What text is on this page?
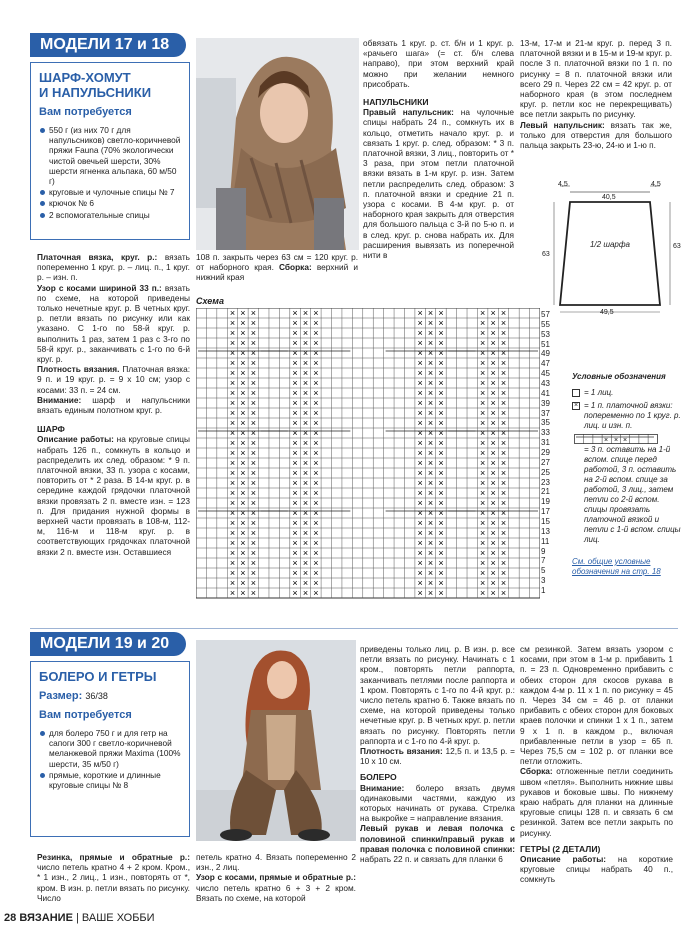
МОДЕЛИ 17 и 18
ШАРФ-ХОМУТ
И НАПУЛЬСНИКИ
Вам потребуется
550 г (из них 70 г для напульсников) светло-коричневой пряжи Fauna (70% экологически чистой овечьей шерсти, 30% шерсти ягненка альпака, 60 м/50 г)
круговые и чулочные спицы № 7
крючок № 6
2 вспомогательные спицы

Платочная вязка, круг. р.: вязать попеременно 1 круг. р. – лиц. п., 1 круг. р. – изн. п.

Узор с косами шириной 33 п.: вязать по схеме, на которой приведены только нечетные круг. р. В четных круг. р. петли вязать по рисунку или как указано. С 1-го по 58-й круг. р. выполнить 1 раз, затем 1 раз с 3-го по 58-й круг. р., заканчивать с 1-го по 6-й круг. р.

Плотность вязания. Платочная вязка: 9 п. и 19 круг. р. = 9 х 10 см; узор с косами: 33 п. = 24 см.

Внимание: шарф и напульсники вязать единым полотном круг. р.

ШАРФ

Описание работы: на круговые спицы набрать 126 п., сомкнуть в кольцо и распределить их след. образом: * 9 п. платочной вязки, 33 п. узора с косами, повторить от * 2 раза. В 14-м круг. р. в середине каждой грядочки платочной вязки провязать 2 п. вместе изн. = 123 п. Для придания нужной формы в верхней части провязать в 108-м, 112-м, 116-м и 118-м круг. р. в соответствующих грядочках платочной вязки 2 п. вместе изн. Оставшиеся

108 п. закрыть через 63 см = 120 круг. р. от наборного края. Сборка: верхний и нижний края

обвязать 1 круг. р. ст. б/н и 1 круг. р. «рачьего шага» (= ст. б/н слева направо), при этом верхний край можно при желании немного присобрать.

НАПУЛЬСНИКИ

Правый напульсник: на чулочные спицы набрать 24 п., сомкнуть их в кольцо, отметить начало круг. р. и связать 1 круг. р. след. образом: * 3 п. платочной вязки, 3 лиц., повторить от * 3 раза, при этом петли платочной вязки вязать в 1-м круг. р. изн. Затем петли распределить след. образом: 3 п. платочной вязки и средние 21 п. узора с косами. В 4-м круг. р. от наборного края закрыть для отверстия для большого пальца с 3-й по 5-ю п. и в след. круг. р. снова набрать их. Для расширения вывязать из поперечной нити в

13-м, 17-м и 21-м круг. р. перед 3 п. платочной вязки и в 15-м и 19-м круг. р. после 3 п. платочной вязки по 1 п. по рисунку = 8 п. платочной вязки или всего 29 п. Через 22 см = 42 круг. р. от наборного края (в этом последнем круг. р. петли кос не перекрещивать) все петли закрыть по рисунку.

Левый напульсник: вязать так же, только для отверстия для большого пальца закрыть 23-ю, 24-ю и 1-ю п.

4,5
40,5
4,5
63
63
1/2 шарфа
49,5
Схема
× × ×	× × ×	× × ×	× × ×
× × ×	× × ×	× × ×	× × ×
× × ×	× × ×	× × ×	× × ×
× × ×	× × ×	× × ×	× × ×
× × ×	× × ×	× × ×	× × ×
× × ×	× × ×	× × ×	× × ×
× × ×	× × ×	× × ×	× × ×
× × ×	× × ×	× × ×	× × ×
× × ×	× × ×	× × ×	× × ×
× × ×	× × ×	× × ×	× × ×
× × ×	× × ×	× × ×	× × ×
× × ×	× × ×	× × ×	× × ×
× × ×	× × ×	× × ×	× × ×
× × ×	× × ×	× × ×	× × ×
× × ×	× × ×	× × ×	× × ×
× × ×	× × ×	× × ×	× × ×
× × ×	× × ×	× × ×	× × ×
× × ×	× × ×	× × ×	× × ×
× × ×	× × ×	× × ×	× × ×
× × ×	× × ×	× × ×	× × ×
× × ×	× × ×	× × ×	× × ×
× × ×	× × ×	× × ×	× × ×
× × ×	× × ×	× × ×	× × ×
× × ×	× × ×	× × ×	× × ×
× × ×	× × ×	× × ×	× × ×
× × ×	× × ×	× × ×	× × ×
× × ×	× × ×	× × ×	× × ×
× × ×	× × ×	× × ×	× × ×
× × ×	× × ×	× × ×	× × ×
57
55
53
51
49
47
45
43
41
39
37
35
33
31
29
27
25
23
21
19
17
15
13
11
9
7
5
3
1
Условные обозначения
= 1 лиц.
× = 1 п. платочной вязки: попеременно по 1 круг. р. лиц. и изн. п.
× × ×
= 3 п. оставить на 1-й вспом. спице перед работой, 3 п. оставить на 2-й вспом. спице за работой, 3 лиц., затем петли со 2-й вспом. спицы провязать платочной вязкой и петли с 1-й вспом. спицы лиц.
См. общие условные обозначения на стр. 18
МОДЕЛИ 19 и 20
БОЛЕРО И ГЕТРЫ
Размер: 36/38
Вам потребуется
для болеро 750 г и для гетр на сапоги 300 г светло-коричневой меланжевой пряжи Maxima (100% шерсти, 35 м/50 г)
прямые, короткие и длинные круговые спицы № 8

Резинка, прямые и обратные р.: число петель кратно 4 + 2 кром. Кром., * 1 изн., 2 лиц., 1 изн., повторять от *, кром. В изн. р. петли вязать по рисунку. Число

петель кратно 4. Вязать попеременно 2 изн., 2 лиц.

Узор с косами, прямые и обратные р.: число петель кратно 6 + 3 + 2 кром. Вязать по схеме, на которой

приведены только лиц. р. В изн. р. все петли вязать по рисунку. Начинать с 1 кром., повторять петли раппорта, заканчивать петлями после раппорта и 1 кром. Повторять с 1-го по 4-й круг. р.: число петель кратно 6. Также вязать по схеме, на которой приведены только нечетные круг. р. В четных круг. р. петли вязать по рисунку. Повторять петли раппорта и с 1-го по 4-й круг. р.

Плотность вязания: 12,5 п. и 13,5 р. = 10 х 10 см.

БОЛЕРО

Внимание: болеро вязать двумя одинаковыми частями, каждую из которых начинать от рукава. Стрелка на выкройке = направление вязания.

Левый рукав и левая полочка с половиной спинки/правый рукав и правая полочка с половиной спинки: набрать 22 п. и связать для планки 6

см резинкой. Затем вязать узором с косами, при этом в 1-м р. прибавить 1 п. = 23 п. Одновременно прибавить с обеих сторон для скосов рукава в каждом 4-м р. 11 х 1 п. по рисунку = 45 п. Через 34 см = 46 р. от планки прибавить с обеих сторон для боковых краев полочки и спинки 1 х 1 п., затем 9 х 1 п. в каждом р., включая прибавленные петли в узор = 65 п. Через 75,5 см = 102 р. от планки все петли отложить.

Сборка: отложенные петли соединить швом «петля». Выполнить нижние швы рукавов и боковые швы. По нижнему краю набрать для планки на длинные круговые спицы 128 п. и связать 6 см резинкой. Затем все петли закрыть по рисунку.

ГЕТРЫ (2 ДЕТАЛИ)

Описание работы: на короткие круговые спицы набрать 40 п., сомкнуть

28 ВЯЗАНИЕ | ВАШЕ ХОББИ
